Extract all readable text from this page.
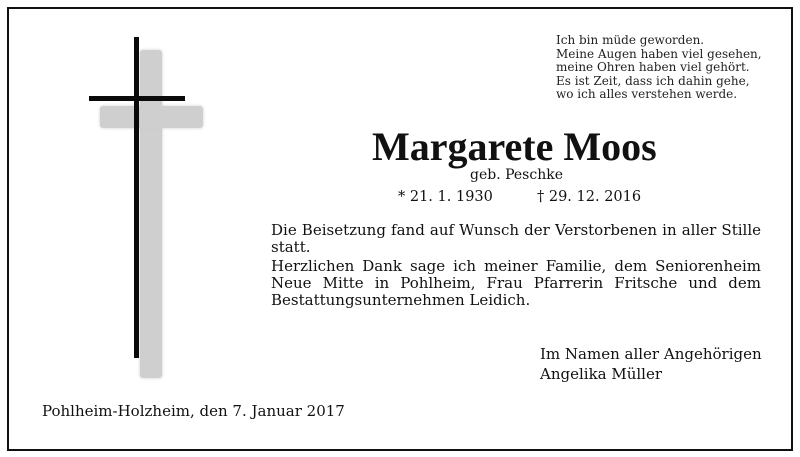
Ich bin müde geworden.
Meine Augen haben viel gesehen,
meine Ohren haben viel gehört.
Es ist Zeit, dass ich dahin gehe,
wo ich alles verstehen werde.
Margarete Moos
geb. Peschke
* 21. 1. 1930	† 29. 12. 2016
Die Beisetzung fand auf Wunsch der Verstorbenen in aller Stille statt.
Herzlichen Dank sage ich meiner Familie, dem Seniorenheim Neue Mitte in Pohlheim, Frau Pfarrerin Fritsche und dem Bestattungsunternehmen Leidich.
Im Namen aller Angehörigen
Angelika Müller
Pohlheim-Holzheim, den 7. Januar 2017
